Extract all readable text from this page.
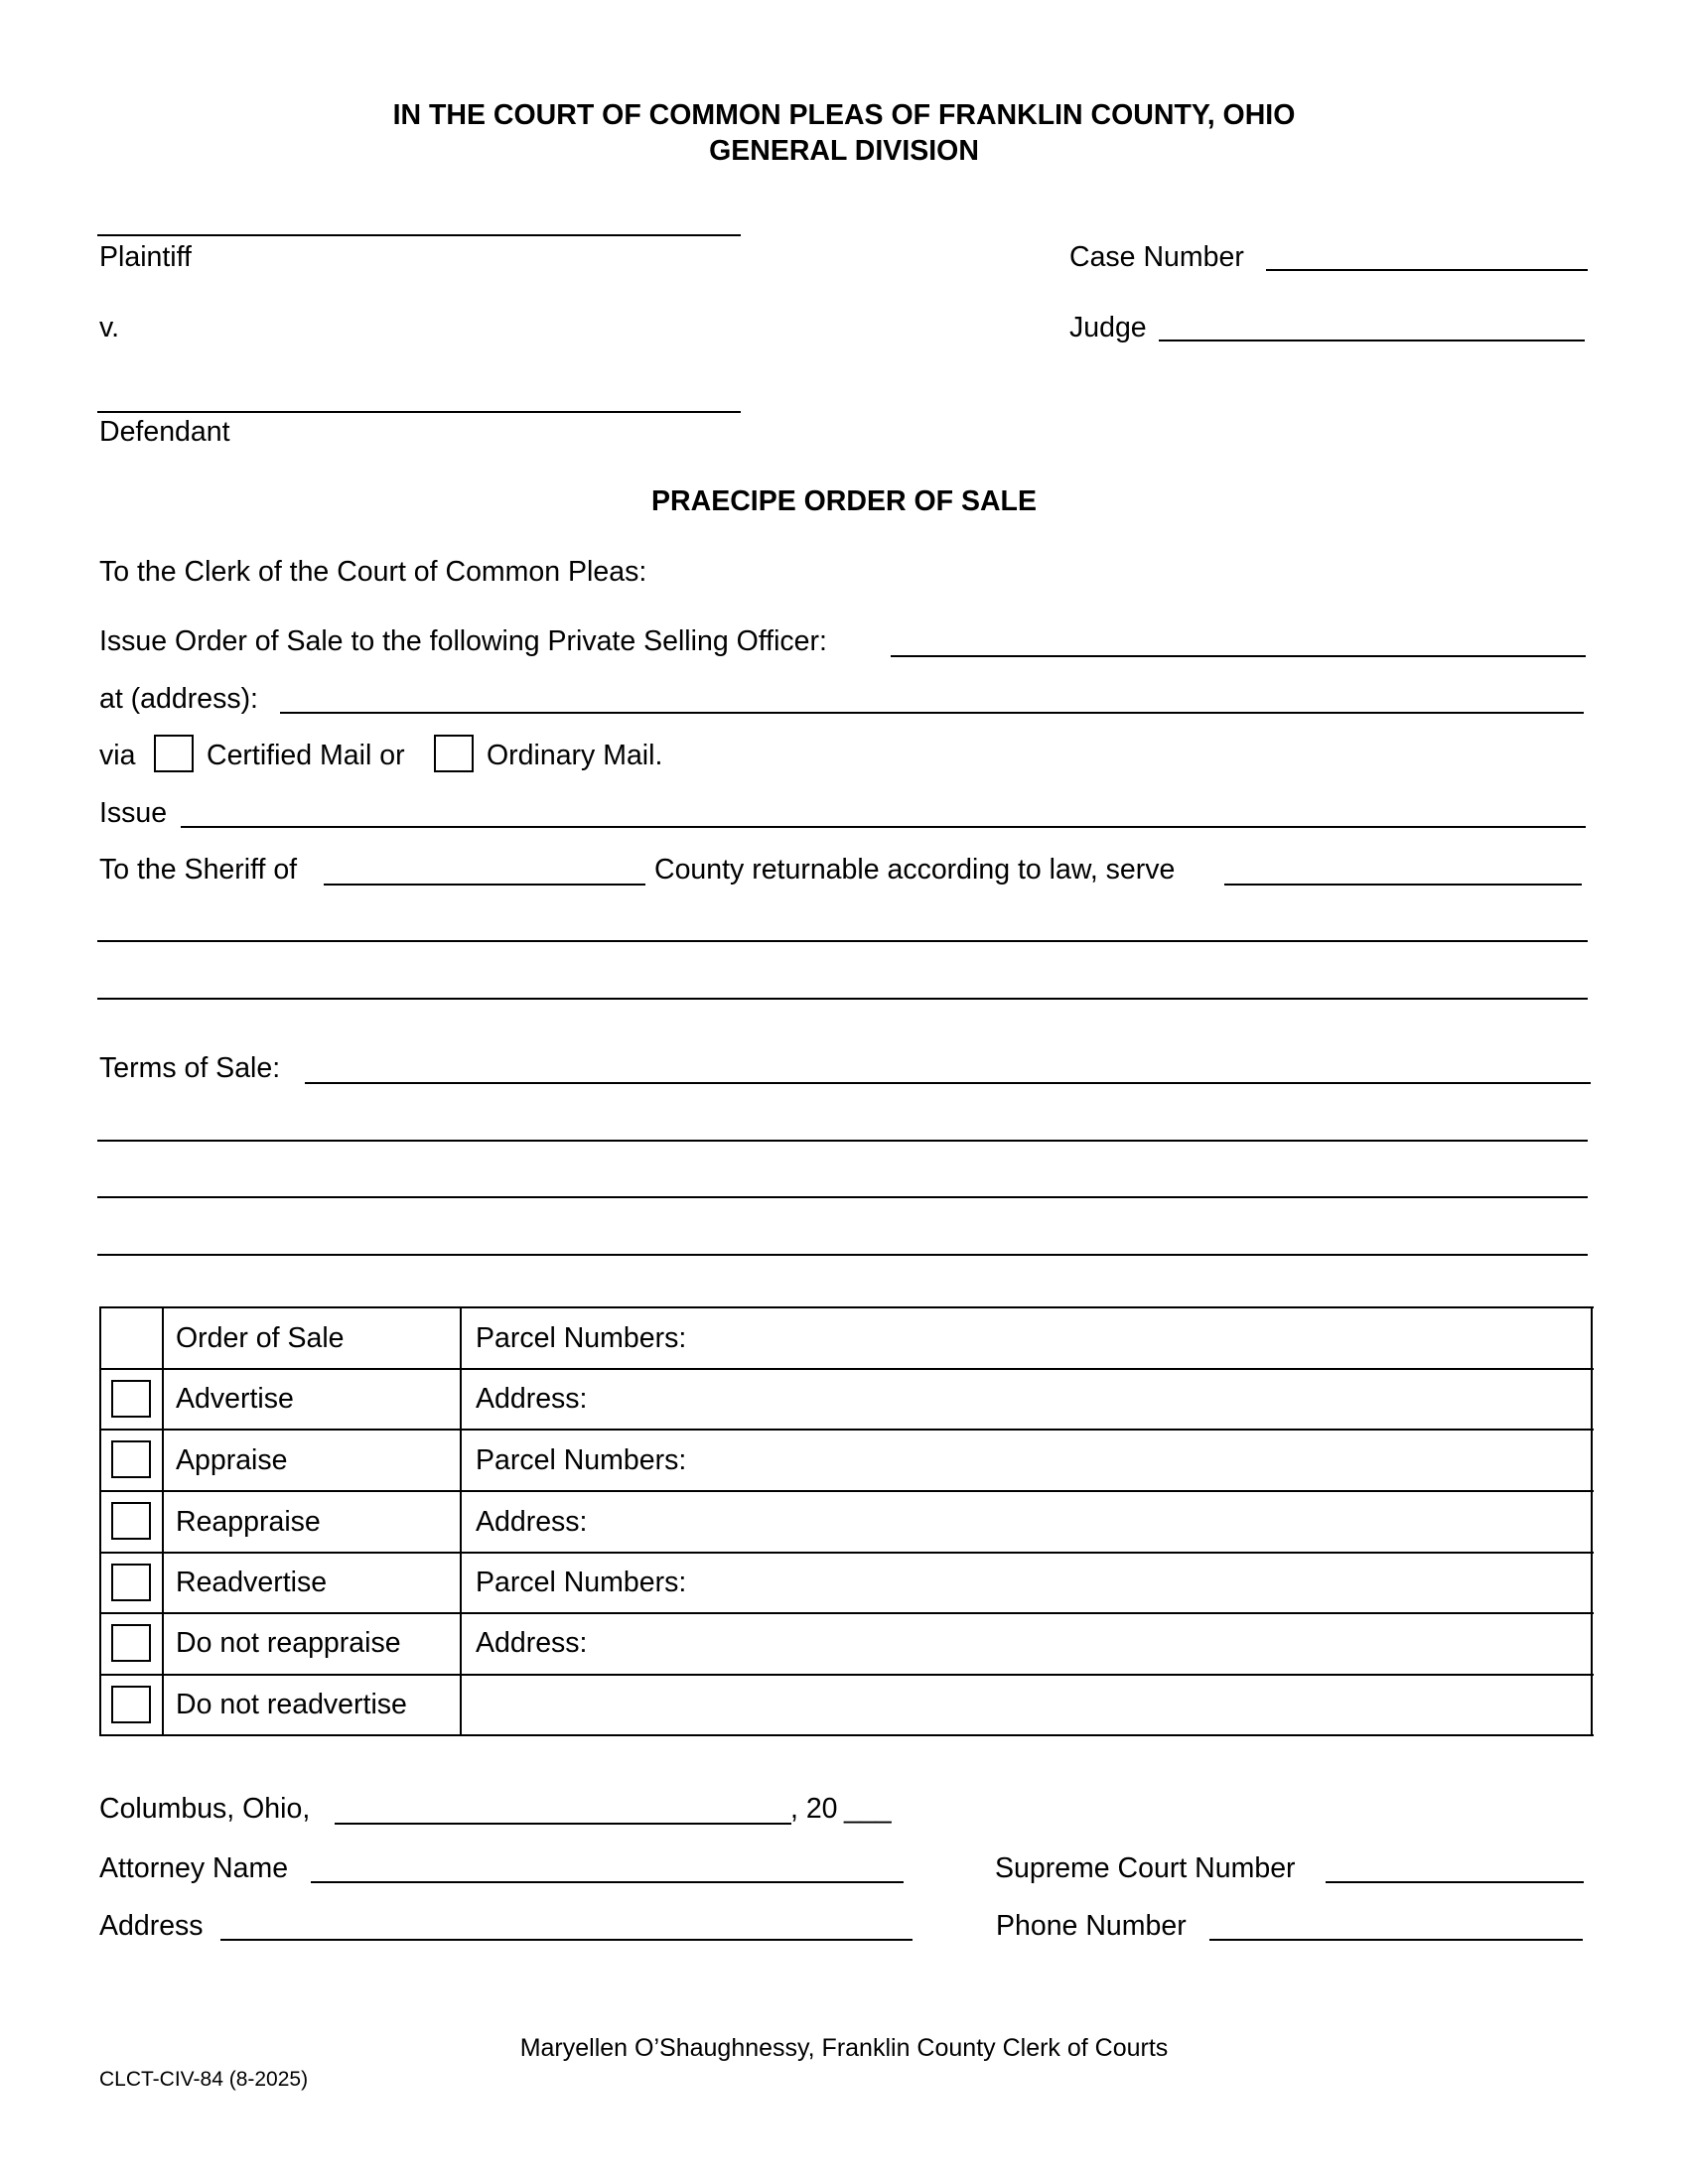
IN THE COURT OF COMMON PLEAS OF FRANKLIN COUNTY, OHIO
GENERAL DIVISION
Plaintiff	Case Number
v.	Judge
Defendant
PRAECIPE ORDER OF SALE
To the Clerk of the Court of Common Pleas:
Issue Order of Sale to the following Private Selling Officer:
at (address):
via	Certified Mail or	Ordinary Mail.
Issue
To the Sheriff of	County returnable according to law, serve
Terms of Sale:
Order of Sale	Parcel Numbers:
Advertise	Address:
Appraise	Parcel Numbers:
Reappraise	Address:
Readvertise	Parcel Numbers:
Do not reappraise	Address:
Do not readvertise
Columbus, Ohio,	, 20 ___
Attorney Name	Supreme Court Number
Address	Phone Number
Maryellen O’Shaughnessy, Franklin County Clerk of Courts
CLCT-CIV-84 (8-2025)
